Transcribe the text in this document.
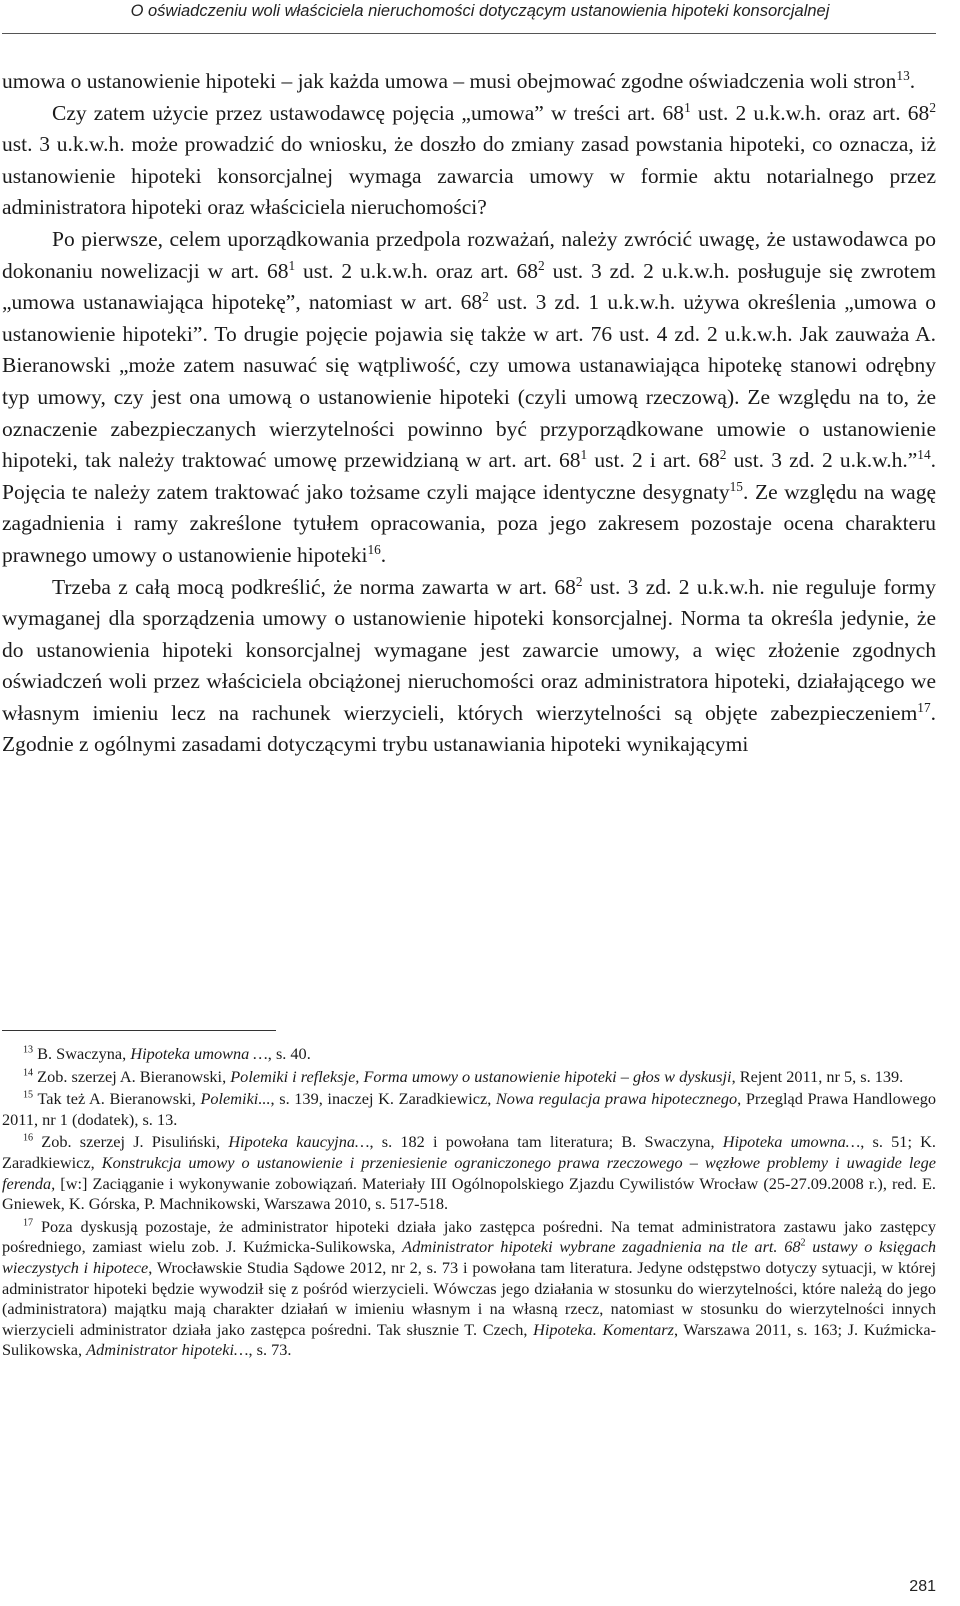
O oświadczeniu woli właściciela nieruchomości dotyczącym ustanowienia hipoteki konsorcjalnej

umowa o ustanowienie hipoteki – jak każda umowa – musi obejmować zgodne oświadczenia woli stron$^{13}$.

Czy zatem użycie przez ustawodawcę pojęcia „umowa” w treści art. $68^1$ ust. 2 u.k.w.h. oraz art. $68^2$ ust. 3 u.k.w.h. może prowadzić do wniosku, że doszło do zmiany zasad powstania hipoteki, co oznacza, iż ustanowienie hipoteki konsorcjalnej wymaga zawarcia umowy w formie aktu notarialnego przez administratora hipoteki oraz właściciela nieruchomości?

Po pierwsze, celem uporządkowania przedpola rozważań, należy zwrócić uwagę, że ustawodawca po dokonaniu nowelizacji w art. $68^1$ ust. 2 u.k.w.h. oraz art. $68^2$ ust. 3 zd. 2 u.k.w.h. posługuje się zwrotem „umowa ustanawiająca hipotekę”, natomiast w art. $68^2$ ust. 3 zd. 1 u.k.w.h. używa określenia „umowa o ustanowienie hipoteki”. To drugie pojęcie pojawia się także w art. 76 ust. 4 zd. 2 u.k.w.h. Jak zauważa A. Bieranowski „może zatem nasuwać się wątpliwość, czy umowa ustanawiająca hipotekę stanowi odrębny typ umowy, czy jest ona umową o ustanowienie hipoteki (czyli umową rzeczową). Ze względu na to, że oznaczenie zabezpieczanych wierzytelności powinno być przyporządkowane umowie o ustanowienie hipoteki, tak należy traktować umowę przewidzianą w art. art. $68^1$ ust. 2 i art. $68^2$ ust. 3 zd. 2 u.k.w.h.”$^{14}$. Pojęcia te należy zatem traktować jako tożsame czyli mające identyczne desygnaty$^{15}$. Ze względu na wagę zagadnienia i ramy zakreślone tytułem opracowania, poza jego zakresem pozostaje ocena charakteru prawnego umowy o ustanowienie hipoteki$^{16}$.

Trzeba z całą mocą podkreślić, że norma zawarta w art. $68^2$ ust. 3 zd. 2 u.k.w.h. nie reguluje formy wymaganej dla sporządzenia umowy o ustanowienie hipoteki konsorcjalnej. Norma ta określa jedynie, że do ustanowienia hipoteki konsorcjalnej wymagane jest zawarcie umowy, a więc złożenie zgodnych oświadczeń woli przez właściciela obciążonej nieruchomości oraz administratora hipoteki, działającego we własnym imieniu lecz na rachunek wierzycieli, których wierzytelności są objęte zabezpieczeniem$^{17}$. Zgodnie z ogólnymi zasadami dotyczącymi trybu ustanawiania hipoteki wynikającymi

$^{13}$ B. Swaczyna, Hipoteka umowna …, s. 40.

$^{14}$ Zob. szerzej A. Bieranowski, Polemiki i refleksje, Forma umowy o ustanowienie hipoteki – głos w dyskusji, Rejent 2011, nr 5, s. 139.

$^{15}$ Tak też A. Bieranowski, Polemiki..., s. 139, inaczej K. Zaradkiewicz, Nowa regulacja prawa hipotecznego, Przegląd Prawa Handlowego 2011, nr 1 (dodatek), s. 13.

$^{16}$ Zob. szerzej J. Pisuliński, Hipoteka kaucyjna…, s. 182 i powołana tam literatura; B. Swaczyna, Hipoteka umowna…, s. 51; K. Zaradkiewicz, Konstrukcja umowy o ustanowienie i przeniesienie ograniczonego prawa rzeczowego – węzłowe problemy i uwagide lege ferenda, [w:] Zaciąganie i wykonywanie zobowiązań. Materiały III Ogólnopolskiego Zjazdu Cywilistów Wrocław (25-27.09.2008 r.), red. E. Gniewek, K. Górska, P. Machnikowski, Warszawa 2010, s. 517-518.

$^{17}$ Poza dyskusją pozostaje, że administrator hipoteki działa jako zastępca pośredni. Na temat administratora zastawu jako zastępcy pośredniego, zamiast wielu zob. J. Kuźmicka-Sulikowska, Administrator hipoteki wybrane zagadnienia na tle art. $68^2$ ustawy o księgach wieczystych i hipotece, Wrocławskie Studia Sądowe 2012, nr 2, s. 73 i powołana tam literatura. Jedyne odstępstwo dotyczy sytuacji, w której administrator hipoteki będzie wywodził się z pośród wierzycieli. Wówczas jego działania w stosunku do wierzytelności, które należą do jego (administratora) majątku mają charakter działań w imieniu własnym i na własną rzecz, natomiast w stosunku do wierzytelności innych wierzycieli administrator działa jako zastępca pośredni. Tak słusznie T. Czech, Hipoteka. Komentarz, Warszawa 2011, s. 163; J. Kuźmicka-Sulikowska, Administrator hipoteki…, s. 73.

281
